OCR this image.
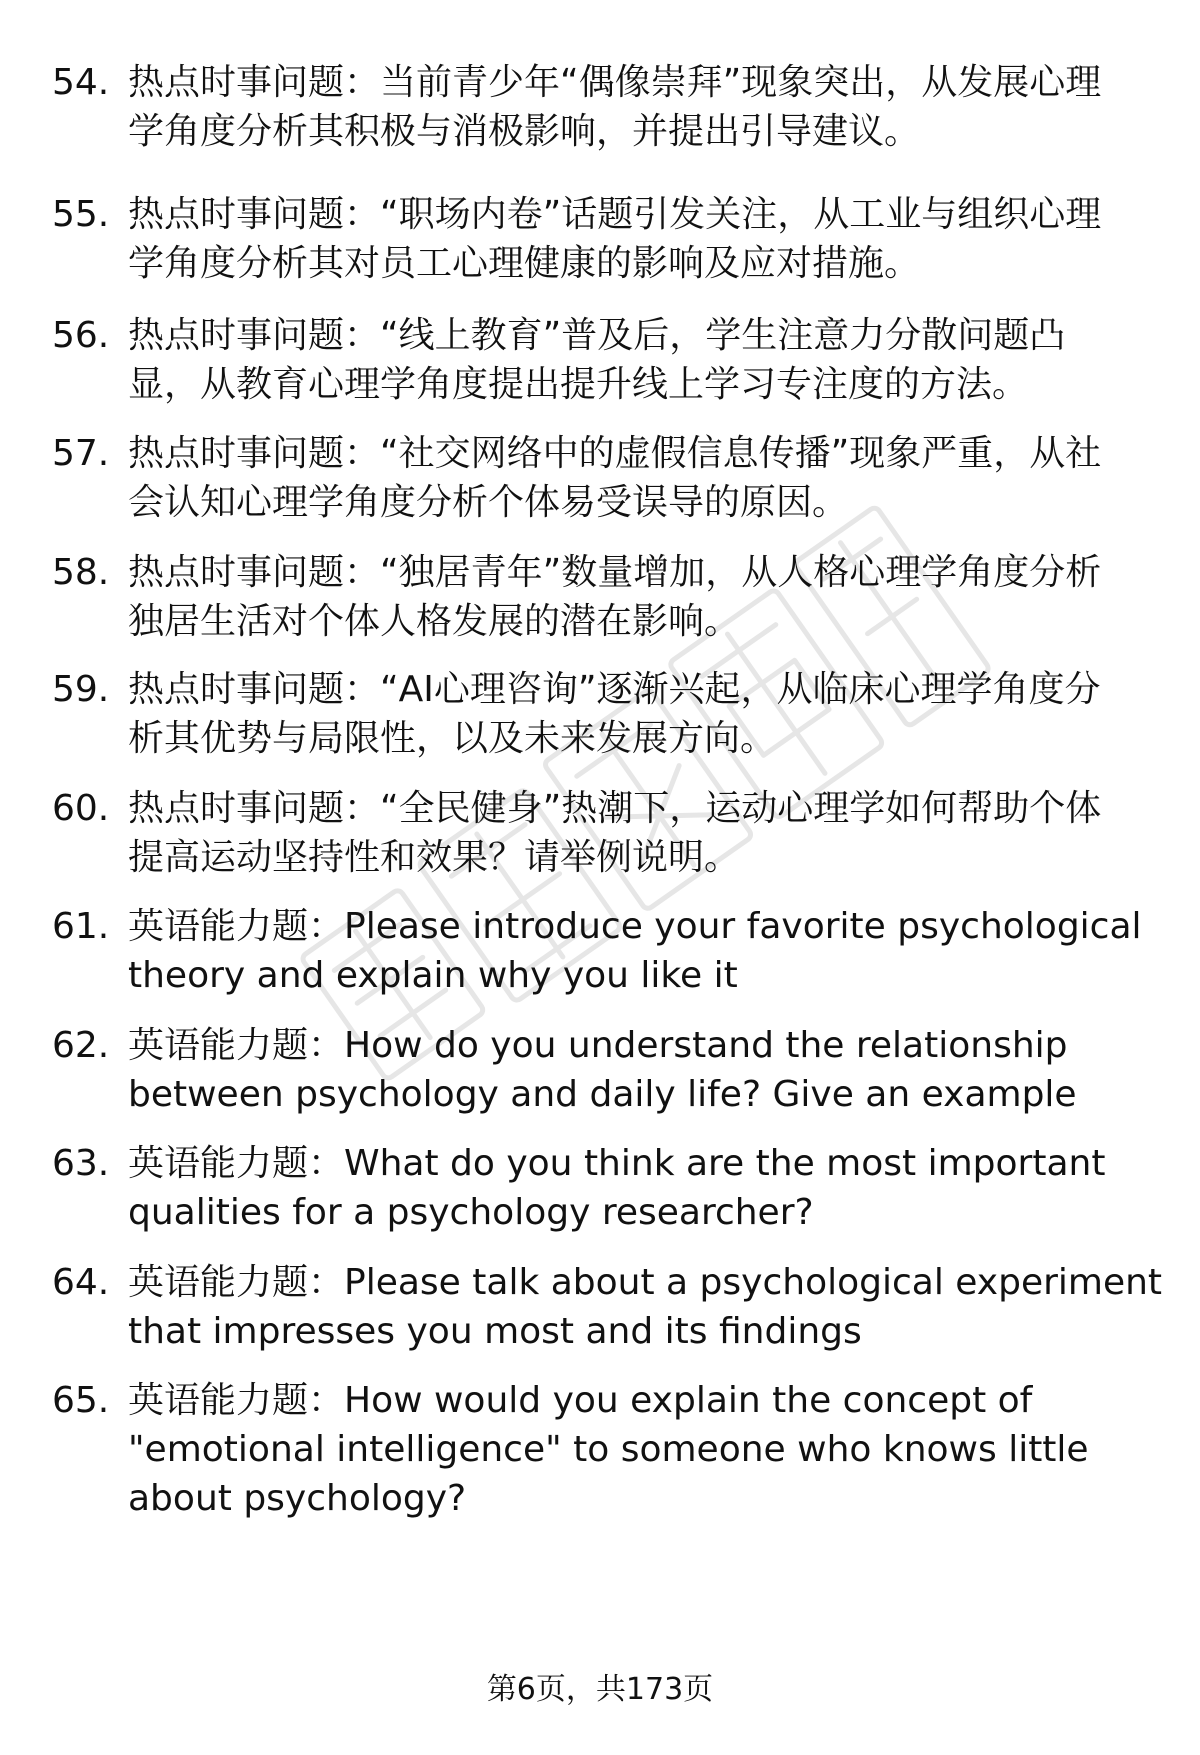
54. 热点时事问题：当前青少年“偶像崇拜”现象突出，从发展心理
学角度分析其积极与消极影响，并提出引导建议。
55. 热点时事问题：“职场内卷”话题引发关注，从工业与组织心理
学角度分析其对员工心理健康的影响及应对措施。
56. 热点时事问题：“线上教育”普及后，学生注意力分散问题凸
显，从教育心理学角度提出提升线上学习专注度的方法。
57. 热点时事问题：“社交网络中的虚假信息传播”现象严重，从社
会认知心理学角度分析个体易受误导的原因。
58. 热点时事问题：“独居青年”数量增加，从人格心理学角度分析
独居生活对个体人格发展的潜在影响。
59. 热点时事问题：“AI心理咨询”逐渐兴起，从临床心理学角度分
析其优势与局限性，以及未来发展方向。
60. 热点时事问题：“全民健身”热潮下，运动心理学如何帮助个体
提高运动坚持性和效果？请举例说明。
61. 英语能力题：Please introduce your favorite psychological
theory and explain why you like it
62. 英语能力题：How do you understand the relationship
between psychology and daily life? Give an example
63. 英语能力题：What do you think are the most important
qualities for a psychology researcher?
64. 英语能力题：Please talk about a psychological experiment
that impresses you most and its findings
65. 英语能力题：How would you explain the concept of
"emotional intelligence" to someone who knows little
about psychology?
第6页，共173页
